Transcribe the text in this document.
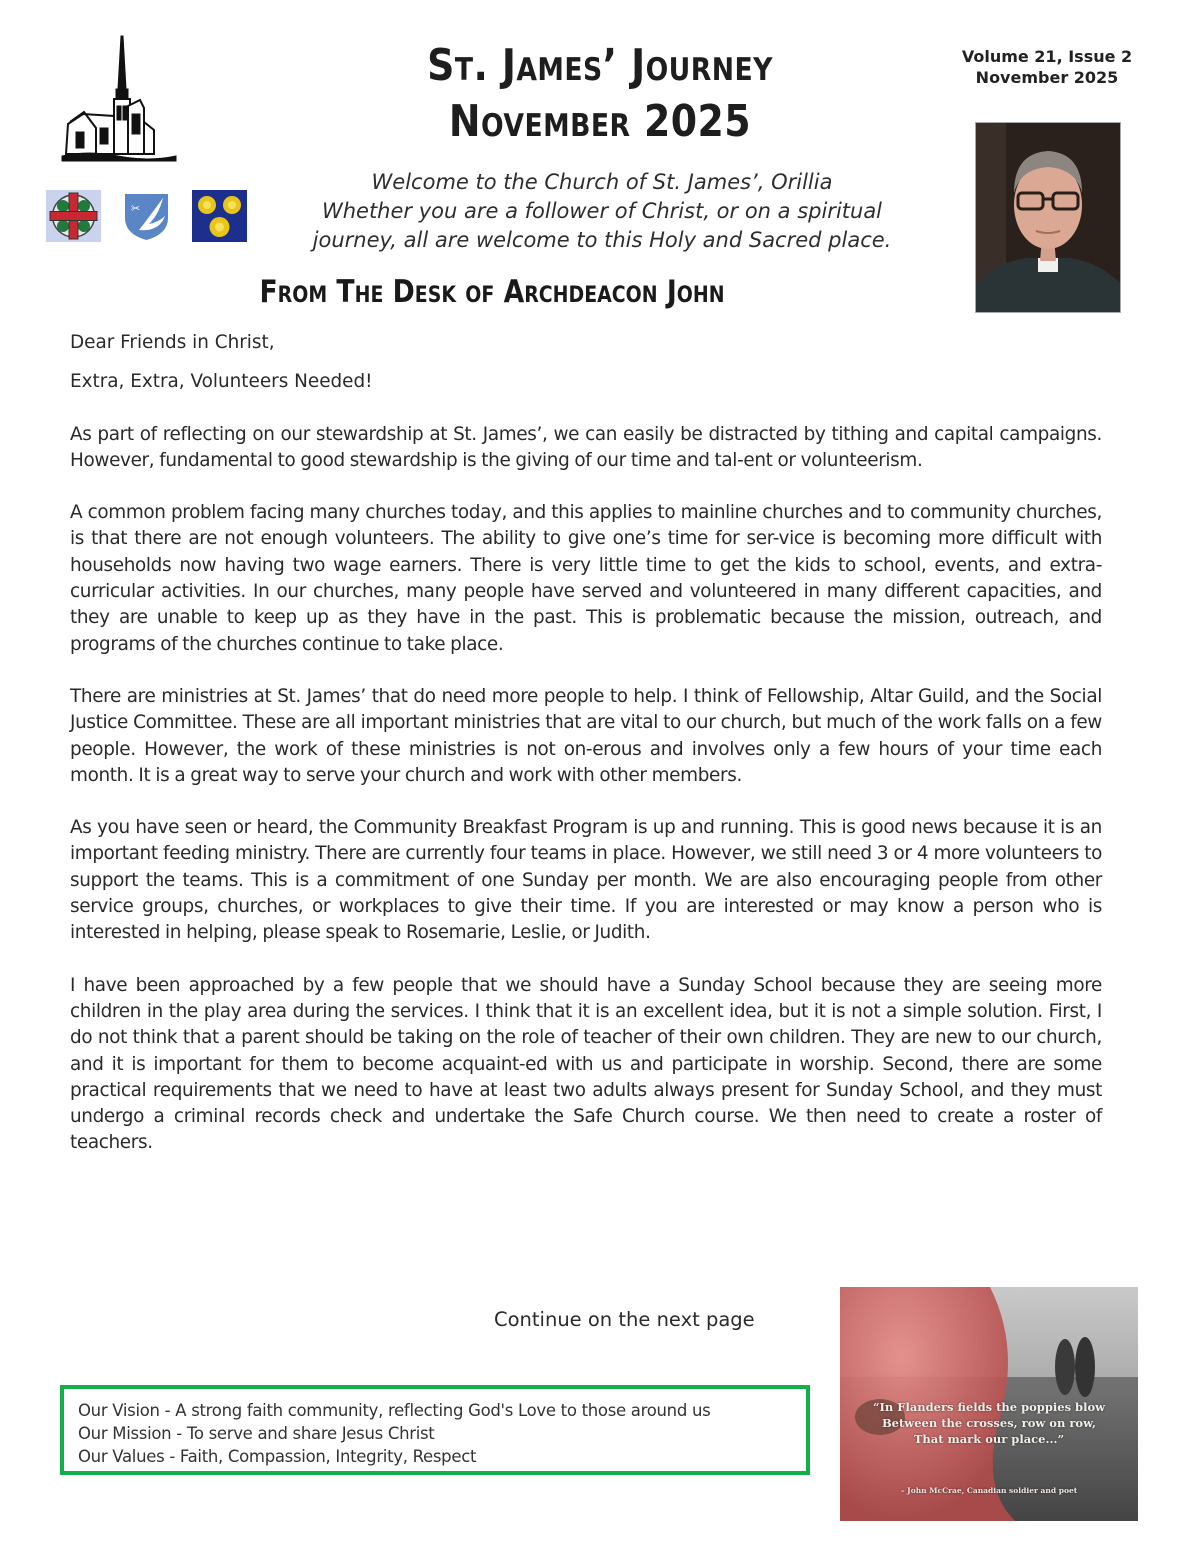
✂
St. James’ Journey
November 2025
Welcome to the Church of St. James’, Orillia
Whether you are a follower of Christ, or on a spiritual
journey, all are welcome to this Holy and Sacred place.
Volume 21, Issue 2
November 2025
From The Desk of Archdeacon John

Dear Friends in Christ,

Extra, Extra, Volunteers Needed!

As part of reflecting on our stewardship at St. James’, we can easily be distracted by tithing and capital campaigns. However, fundamental to good stewardship is the giving of our time and tal-ent or volunteerism.

A common problem facing many churches today, and this applies to mainline churches and to community churches, is that there are not enough volunteers. The ability to give one’s time for ser-vice is becoming more difficult with households now having two wage earners. There is very little time to get the kids to school, events, and extra-curricular activities. In our churches, many people have served and volunteered in many different capacities, and they are unable to keep up as they have in the past. This is problematic because the mission, outreach, and programs of the churches continue to take place.

There are ministries at St. James’ that do need more people to help. I think of Fellowship, Altar Guild, and the Social Justice Committee. These are all important ministries that are vital to our church, but much of the work falls on a few people. However, the work of these ministries is not on-erous and involves only a few hours of your time each month. It is a great way to serve your church and work with other members.

As you have seen or heard, the Community Breakfast Program is up and running. This is good news because it is an important feeding ministry. There are currently four teams in place. However, we still need 3 or 4 more volunteers to support the teams. This is a commitment of one Sunday per month. We are also encouraging people from other service groups, churches, or workplaces to give their time. If you are interested or may know a person who is interested in helping, please speak to Rosemarie, Leslie, or Judith.

I have been approached by a few people that we should have a Sunday School because they are seeing more children in the play area during the services. I think that it is an excellent idea, but it is not a simple solution. First, I do not think that a parent should be taking on the role of teacher of their own children. They are new to our church, and it is important for them to become acquaint-ed with us and participate in worship. Second, there are some practical requirements that we need to have at least two adults always present for Sunday School, and they must undergo a criminal records check and undertake the Safe Church course. We then need to create a roster of teachers.

Continue on the next page
Our Vision - A strong faith community, reflecting God's Love to those around us
Our Mission - To serve and share Jesus Christ
Our Values - Faith, Compassion, Integrity, Respect
“In Flanders fields the poppies blow
Between the crosses, row on row,
That mark our place...”
– John McCrae, Canadian soldier and poet
